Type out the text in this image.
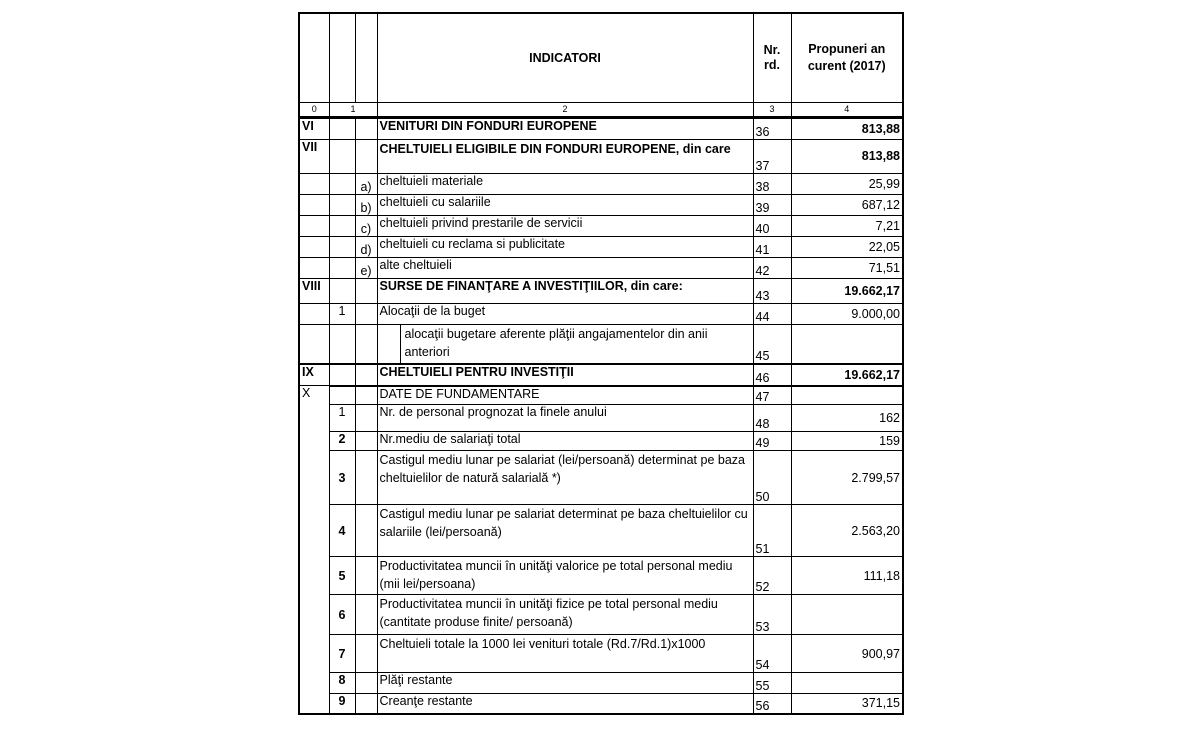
			INDICATORI	Nr. rd.	Propuneri an curent (2017)
0	1		2	3	4
VI			VENITURI DIN FONDURI EUROPENE	36	813,88
VII			CHELTUIELI ELIGIBILE DIN FONDURI EUROPENE, din care	37	813,88
		a)	cheltuieli materiale	38	25,99
		b)	cheltuieli cu salariile	39	687,12
		c)	cheltuieli privind prestarile de servicii	40	7,21
		d)	cheltuieli cu reclama si publicitate	41	22,05
		e)	alte cheltuieli	42	71,51
VIII			SURSE DE FINANŢARE A INVESTIŢIILOR, din care:	43	19.662,17
	1		Alocaţii de la buget	44	9.000,00

			alocaţii bugetare aferente plăţii angajamentelor din anii anteriori	45	
IX			CHELTUIELI PENTRU INVESTIŢII	46	19.662,17
X			DATE DE FUNDAMENTARE	47	
	1		Nr. de personal prognozat la finele anului	48	162
	2		Nr.mediu de salariaţi total	49	159
	3		Castigul mediu lunar pe salariat (lei/persoană) determinat pe baza cheltuielilor de natură salarială *)	50	2.799,57
	4		Castigul mediu lunar pe salariat determinat pe baza cheltuielilor cu salariile (lei/persoană)	51	2.563,20
	5		Productivitatea muncii în unităţi valorice pe total personal mediu (mii lei/persoana)	52	111,18
	6		Productivitatea muncii în unităţi fizice pe total personal mediu (cantitate produse finite/ persoană)	53	
	7		Cheltuieli totale la 1000 lei venituri totale (Rd.7/Rd.1)x1000	54	900,97
	8		Plăţi restante	55	
	9		Creanţe restante	56	371,15
